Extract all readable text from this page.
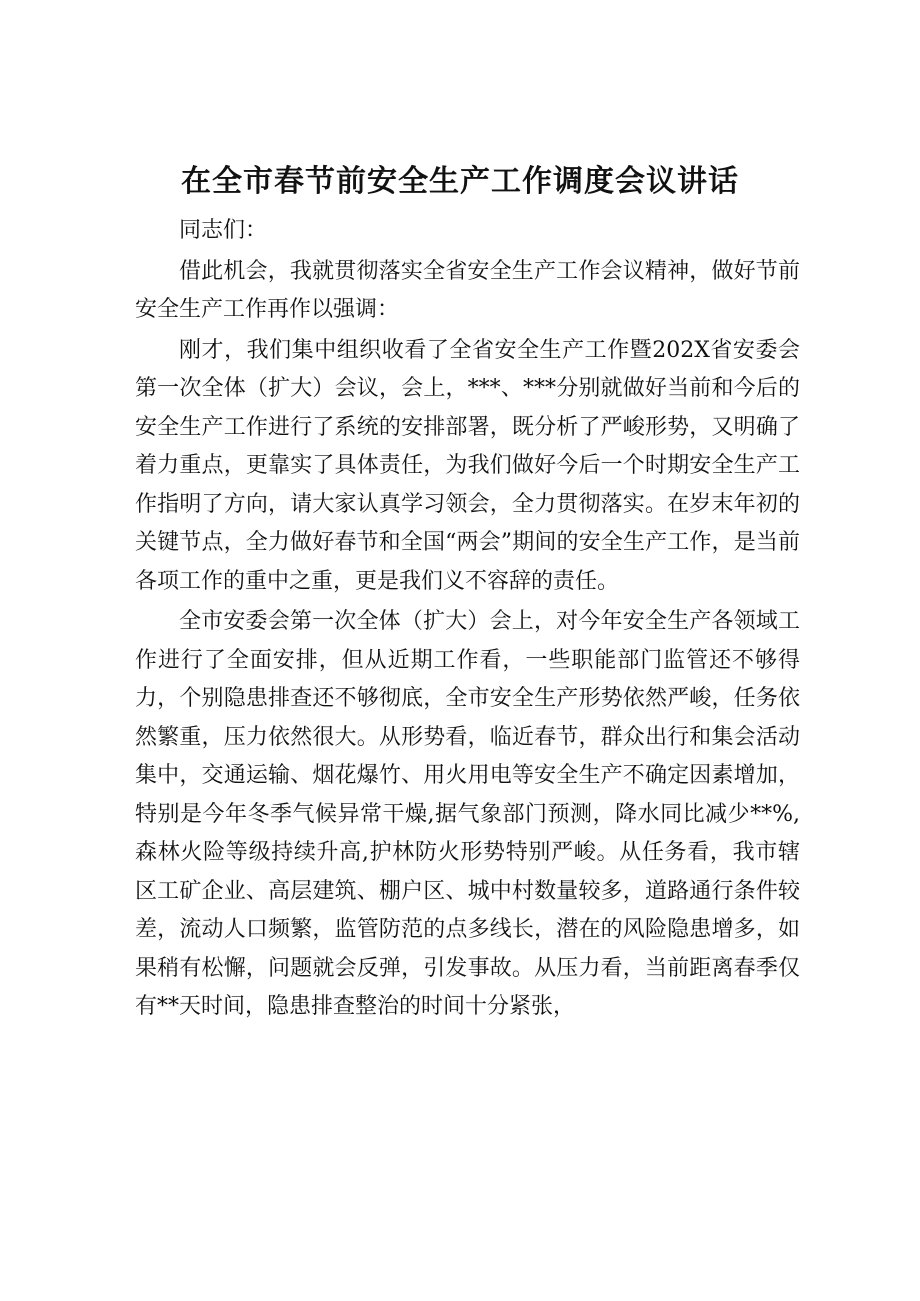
在全市春节前安全生产工作调度会议讲话

同志们：

借此机会，我就贯彻落实全省安全生产工作会议精神，做好节前安全生产工作再作以强调：

刚才，我们集中组织收看了全省安全生产工作暨202X省安委会第一次全体（扩大）会议，会上，***、***分别就做好当前和今后的安全生产工作进行了系统的安排部署，既分析了严峻形势，又明确了着力重点，更靠实了具体责任，为我们做好今后一个时期安全生产工作指明了方向，请大家认真学习领会，全力贯彻落实。在岁末年初的关键节点，全力做好春节和全国“两会”期间的安全生产工作，是当前各项工作的重中之重，更是我们义不容辞的责任。

全市安委会第一次全体（扩大）会上，对今年安全生产各领域工作进行了全面安排，但从近期工作看，一些职能部门监管还不够得力，个别隐患排查还不够彻底，全市安全生产形势依然严峻，任务依然繁重，压力依然很大。从形势看，临近春节，群众出行和集会活动集中，交通运输、烟花爆竹、用火用电等安全生产不确定因素增加，特别是今年冬季气候异常干燥,据气象部门预测，降水同比减少**%,森林火险等级持续升高,护林防火形势特别严峻。从任务看，我市辖区工矿企业、高层建筑、棚户区、城中村数量较多，道路通行条件较差，流动人口频繁，监管防范的点多线长，潜在的风险隐患增多，如果稍有松懈，问题就会反弹，引发事故。从压力看，当前距离春季仅有**天时间，隐患排查整治的时间十分紧张，
